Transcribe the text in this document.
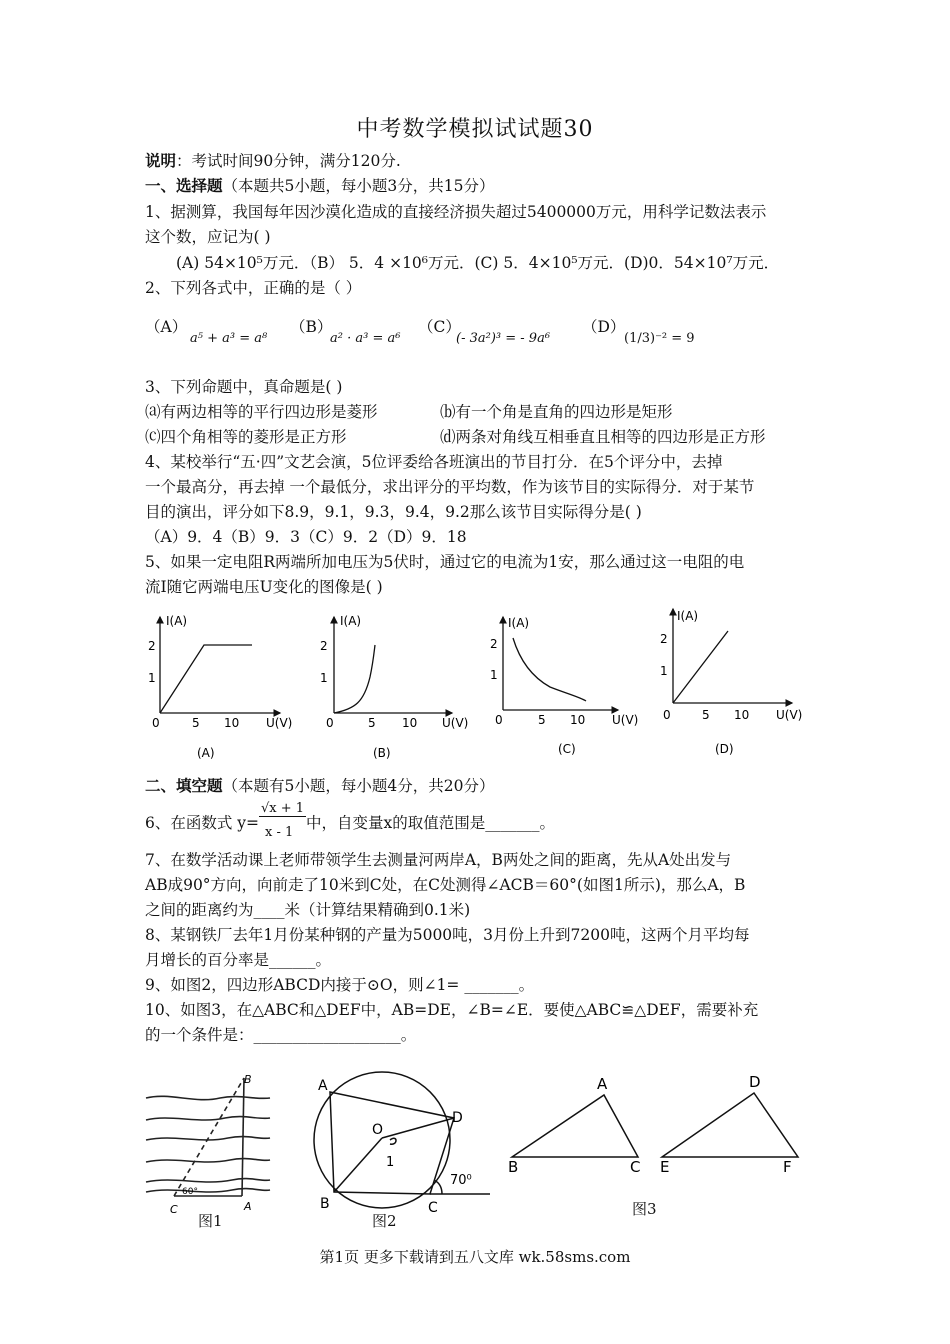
中考数学模拟试试题30
说明：考试时间90分钟，满分120分.
一、选择题（本题共5小题，每小题3分，共15分）
1、据测算，我国每年因沙漠化造成的直接经济损失超过5400000万元，用科学记数法表示
这个数，应记为( )
(A) 54×10⁵万元．（B） 5．4 ×10⁶万元．(C) 5．4×10⁵万元．(D)0．54×10⁷万元．
2、下列各式中，正确的是（ ）
（A）
a⁵ + a³ = a⁸
（B）
a² · a³ = a⁶
（C）
(- 3a²)³ = - 9a⁶
（D）
(1/3)⁻² = 9
3、下列命题中，真命题是( )
⒜有两边相等的平行四边形是菱形	⒝有一个角是直角的四边形是矩形
⒞四个角相等的菱形是正方形	⒟两条对角线互相垂直且相等的四边形是正方形
4、某校举行“五·四”文艺会演，5位评委给各班演出的节目打分．在5个评分中，去掉
一个最高分，再去掉 一个最低分，求出评分的平均数，作为该节目的实际得分．对于某节
目的演出，评分如下8.9，9.1，9.3，9.4，9.2那么该节目实际得分是( )
（A）9．4（B）9．3（C）9．2（D）9．18
5、如果一定电阻R两端所加电压为5伏时，通过它的电流为1安，那么通过这一电阻的电
流I随它两端电压U变化的图像是( )
I(A)
2
1
0	5 10 U(V)
I(A)
2
1
0	5 10 U(V)
I(A)
2
1
0	5 10 U(V)
I(A)
2
1
0	5 10 U(V)
(A)	(B)	(C)	(D)
二、填空题（本题有5小题，每小题4分，共20分）
6、在函数式 y=
√x + 1
x - 1
中，自变量x的取值范围是_______。
7、在数学活动课上老师带领学生去测量河两岸A，B两处之间的距离，先从A处出发与
AB成90°方向，向前走了10米到C处，在C处测得∠ACB＝60°(如图1所示)，那么A，B
之间的距离约为____米（计算结果精确到0.1米)
8、某钢铁厂去年1月份某种钢的产量为5000吨，3月份上升到7200吨，这两个月平均每
月增长的百分率是______。
9、如图2，四边形ABCD内接于⊙O，则∠1= _______。
10、如图3，在△ABC和△DEF中，AB=DE，∠B=∠E．要使△ABC≌△DEF，需要补充
的一个条件是：___________________。
B
C	A
60°
图1
A
D
O
1
B	C
70⁰
图2
A
B	C
D
E	F
图3
第1页 更多下载请到五八文库 wk.58sms.com
